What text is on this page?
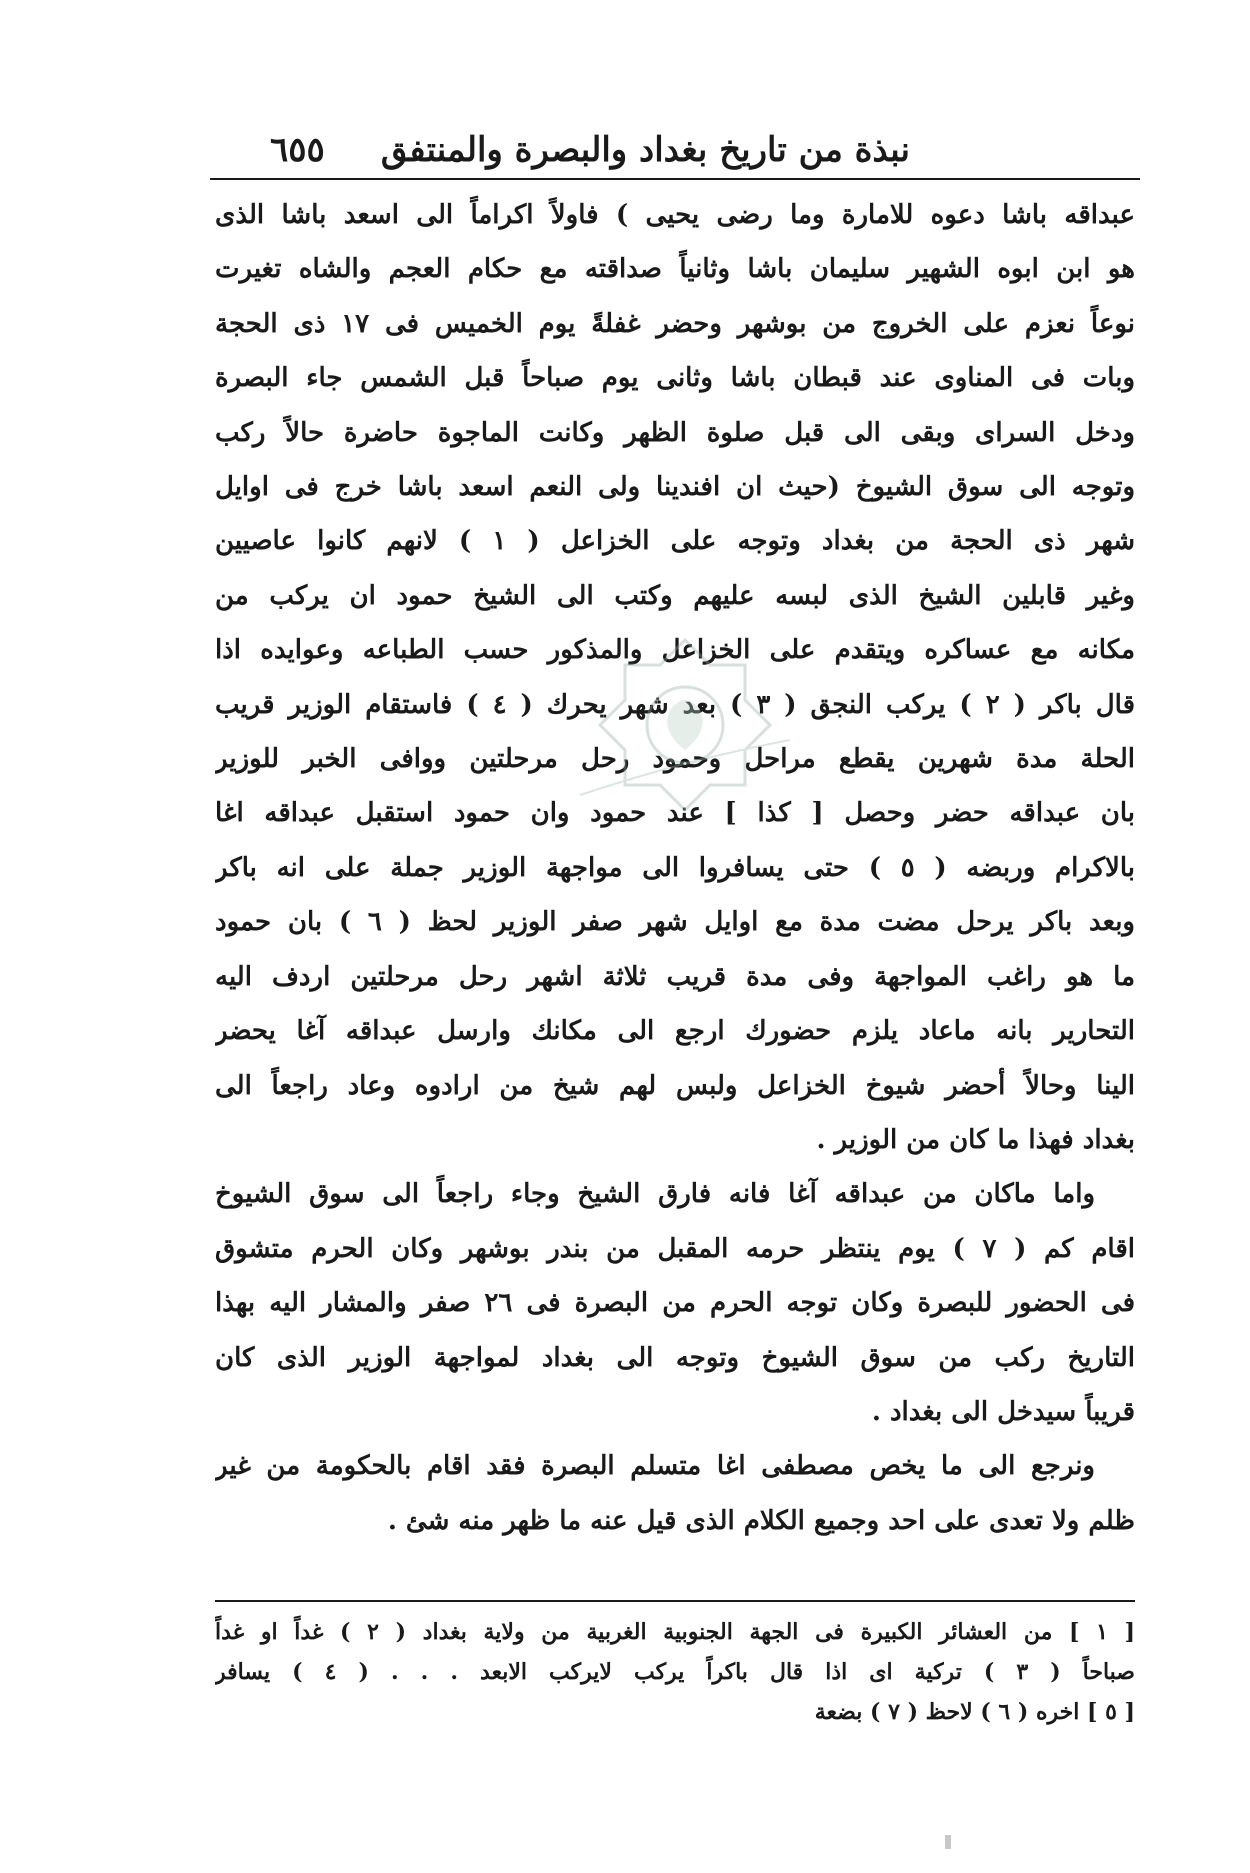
نبذة من تاريخ بغداد والبصرة والمنتفق
٦٥٥

عبداقه باشا دعوه للامارة وما رضى يحيى ) فاولاً اكراماً الى اسعد باشا الذى
هو ابن ابوه الشهير سليمان باشا وثانياً صداقته مع حكام العجم والشاه تغيرت
نوعاً نعزم على الخروج من بوشهر وحضر غفلةً يوم الخميس فى ١٧ ذى الحجة
وبات فى المناوى عند قبطان باشا وثانى يوم صباحاً قبل الشمس جاء البصرة
ودخل السراى وبقى الى قبل صلوة الظهر وكانت الماجوة حاضرة حالاً ركب
وتوجه الى سوق الشيوخ (حيث ان افندينا ولى النعم اسعد باشا خرج فى اوايل
شهر ذى الحجة من بغداد وتوجه على الخزاعل ( ١ ) لانهم كانوا عاصيين
وغير قابلين الشيخ الذى لبسه عليهم وكتب الى الشيخ حمود ان يركب من
مكانه مع عساكره ويتقدم على الخزاعل والمذكور حسب الطباعه وعوايده اذا
قال باكر ( ٢ ) يركب النجق ( ٣ ) بعد شهر يحرك ( ٤ ) فاستقام الوزير قريب
الحلة مدة شهرين يقطع مراحل وحمود رحل مرحلتين ووافى الخبر للوزير
بان عبداقه حضر وحصل [ كذا ] عند حمود وان حمود استقبل عبداقه اغا
بالاكرام وربضه ( ٥ ) حتى يسافروا الى مواجهة الوزير جملة على انه باكر
وبعد باكر يرحل مضت مدة مع اوايل شهر صفر الوزير لحظ ( ٦ ) بان حمود
ما هو راغب المواجهة وفى مدة قريب ثلاثة اشهر رحل مرحلتين اردف اليه
التحارير بانه ماعاد يلزم حضورك ارجع الى مكانك وارسل عبداقه آغا يحضر
الينا وحالاً أحضر شيوخ الخزاعل ولبس لهم شيخ من ارادوه وعاد راجعاً الى
بغداد فهذا ما كان من الوزير .

واما ماكان من عبداقه آغا فانه فارق الشيخ وجاء راجعاً الى سوق الشيوخ
اقام كم ( ٧ ) يوم ينتظر حرمه المقبل من بندر بوشهر وكان الحرم متشوق
فى الحضور للبصرة وكان توجه الحرم من البصرة فى ٢٦ صفر والمشار اليه بهذا
التاريخ ركب من سوق الشيوخ وتوجه الى بغداد لمواجهة الوزير الذى كان
قريباً سيدخل الى بغداد .

ونرجع الى ما يخص مصطفى اغا متسلم البصرة فقد اقام بالحكومة من غير
ظلم ولا تعدى على احد وجميع الكلام الذى قيل عنه ما ظهر منه شئ .

[ ١ ] من العشائر الكبيرة فى الجهة الجنوبية الغربية من ولاية بغداد ( ٢ ) غداً او غداً
صباحاً ( ٣ ) تركية اى اذا قال باكراً يركب لايركب الابعد . . . ( ٤ ) يسافر
[ ٥ ] اخره ( ٦ ) لاحظ ( ٧ ) بضعة
